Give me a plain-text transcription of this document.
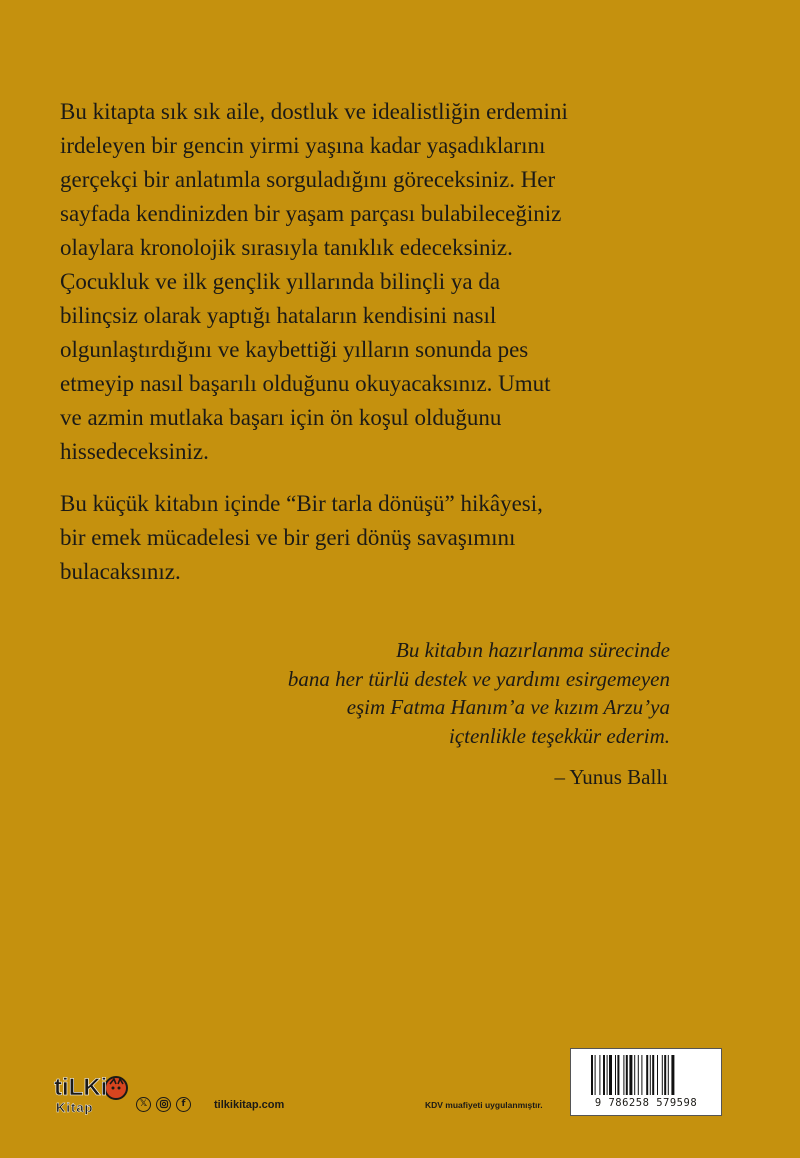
Bu kitapta sık sık aile, dostluk ve idealistliğin erdemini
irdeleyen bir gencin yirmi yaşına kadar yaşadıklarını
gerçekçi bir anlatımla sorguladığını göreceksiniz. Her
sayfada kendinizden bir yaşam parçası bulabileceğiniz
olaylara kronolojik sırasıyla tanıklık edeceksiniz.
Çocukluk ve ilk gençlik yıllarında bilinçli ya da
bilinçsiz olarak yaptığı hataların kendisini nasıl
olgunlaştırdığını ve kaybettiği yılların sonunda pes
etmeyip nasıl başarılı olduğunu okuyacaksınız. Umut
ve azmin mutlaka başarı için ön koşul olduğunu
hissedeceksiniz.
Bu küçük kitabın içinde “Bir tarla dönüşü” hikâyesi,
bir emek mücadelesi ve bir geri dönüş savaşımını
bulacaksınız.
Bu kitabın hazırlanma sürecinde
bana her türlü destek ve yardımı esirgemeyen
eşim Fatma Hanım’a ve kızım Arzu’ya
içtenlikle teşekkür ederim.
– Yunus Ballı
tiLKi
Kitap	𝕏	f	tilkikitap.com	KDV muafiyeti uygulanmıştır.	9 786258 579598
